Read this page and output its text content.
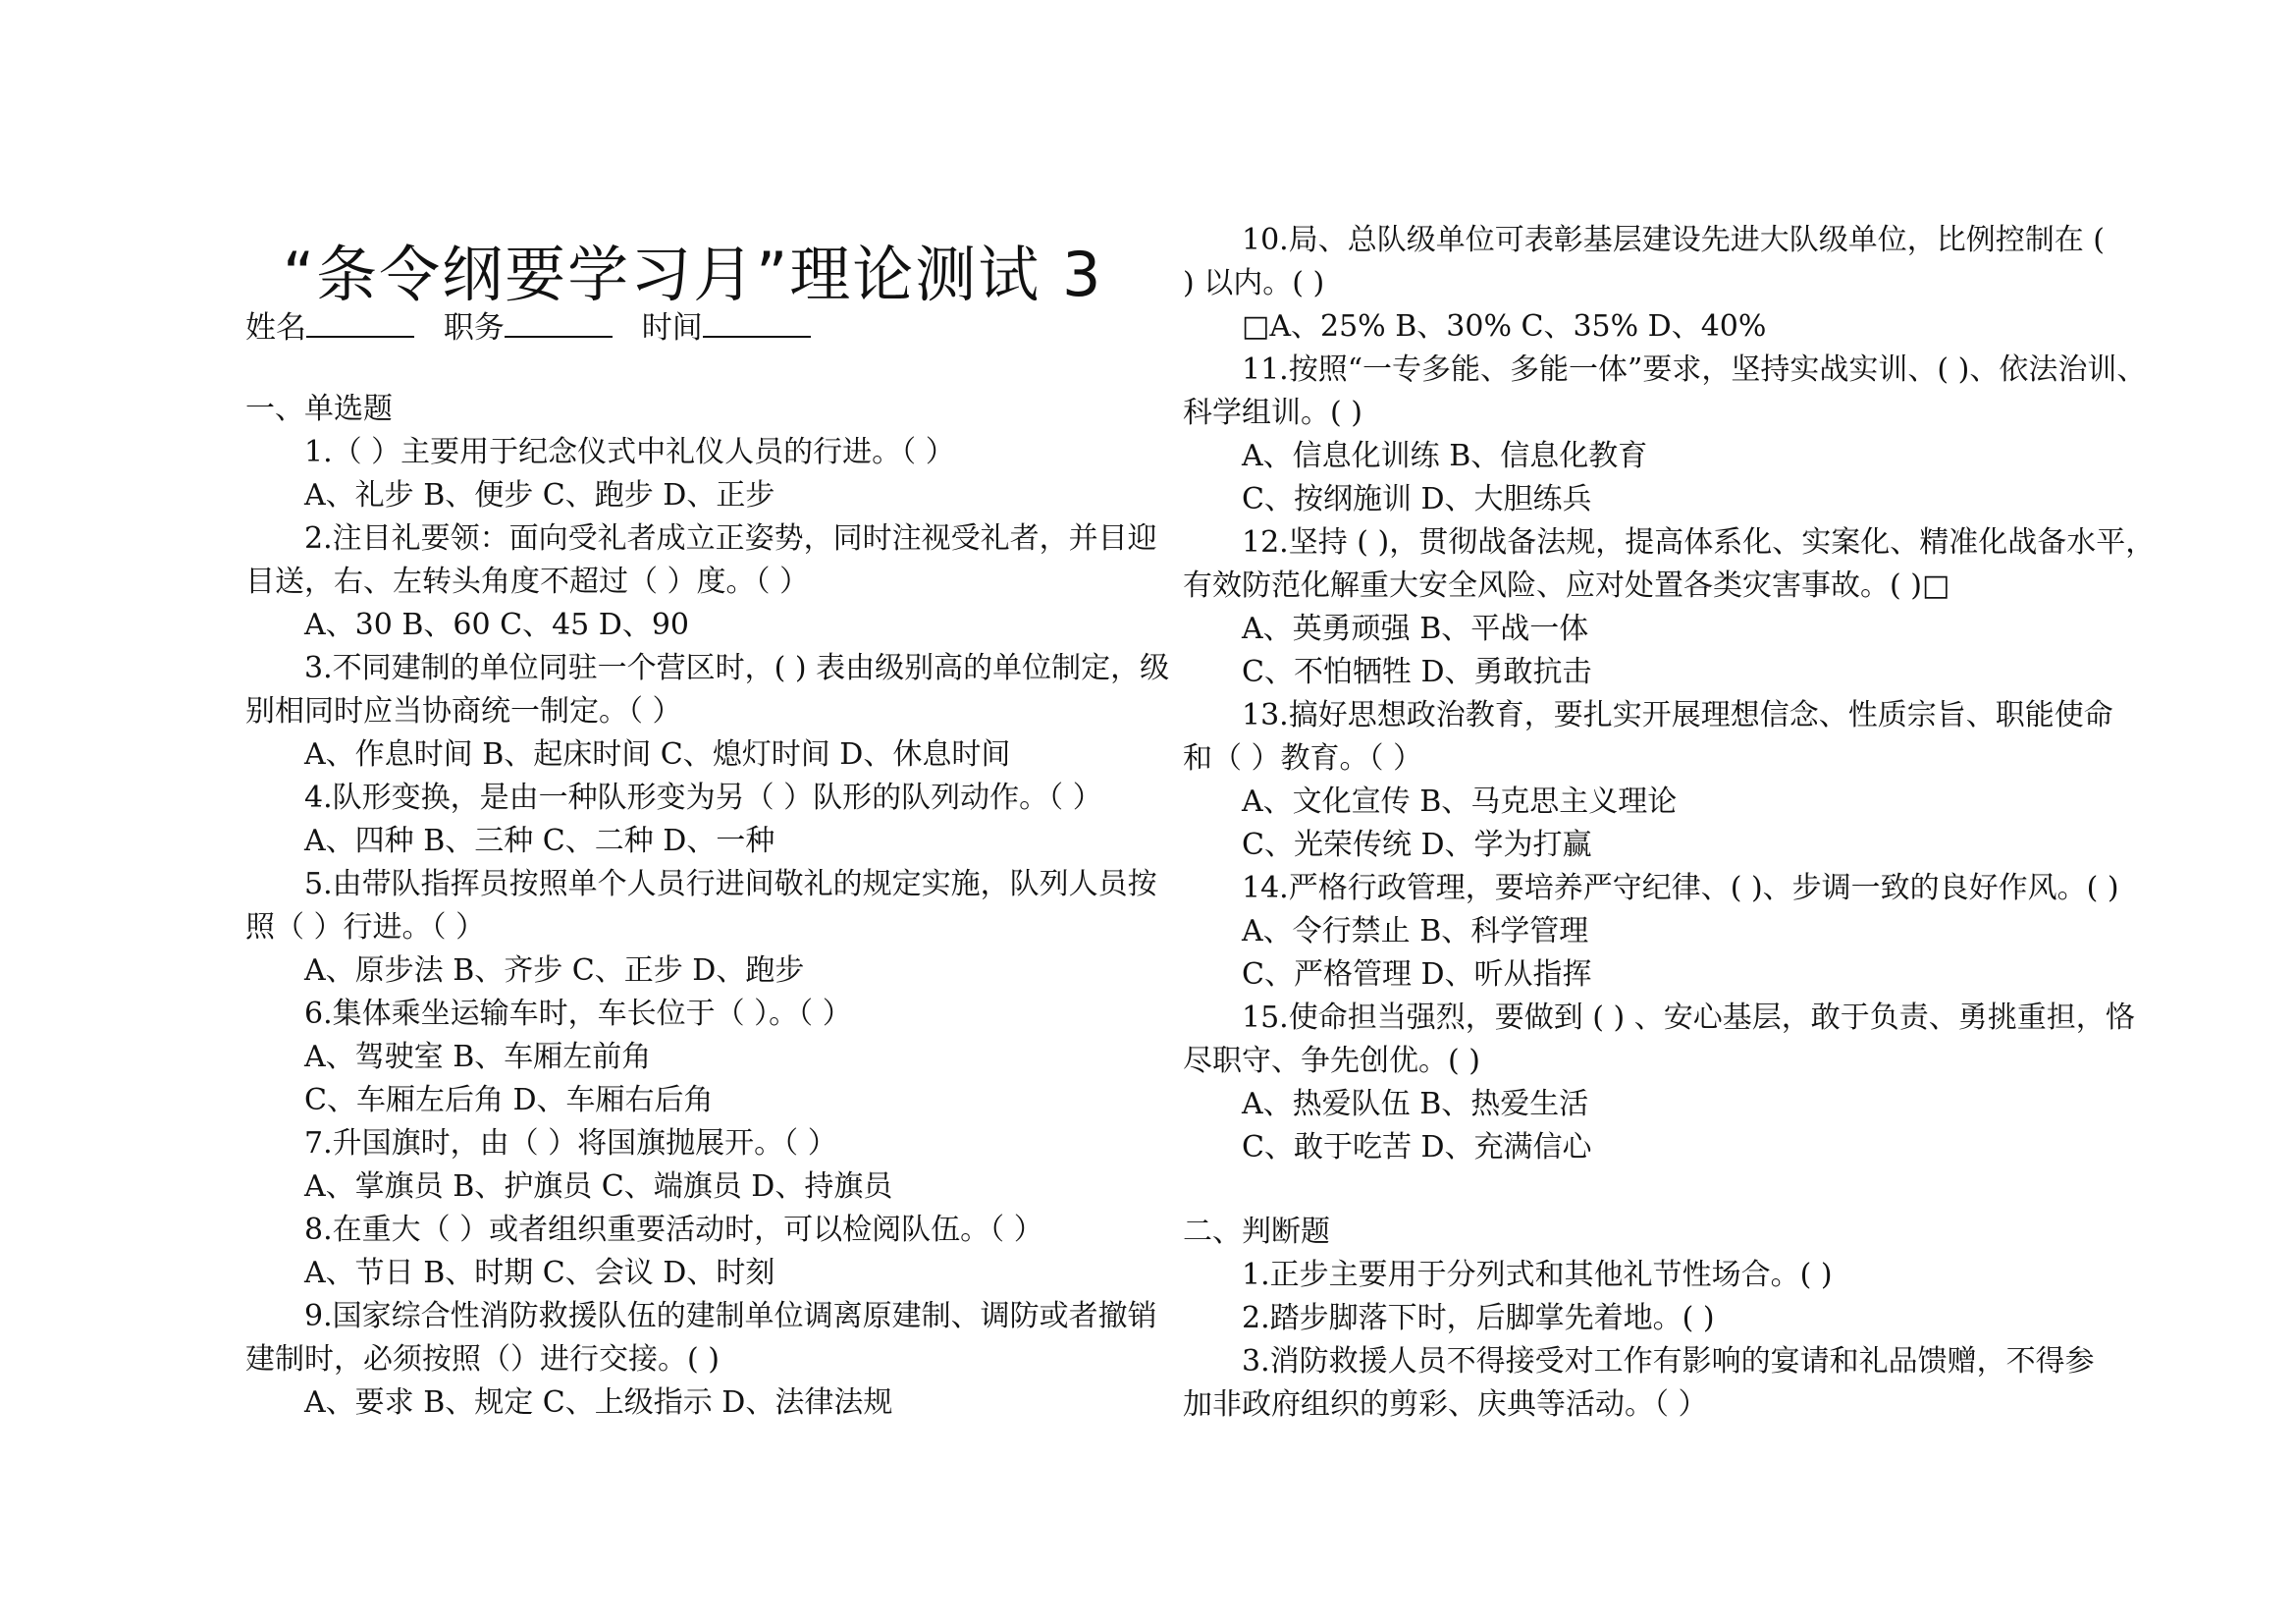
“条令纲要学习月”理论测试 3
姓名	职务	时间
一、单选题
1.（ ）主要用于纪念仪式中礼仪人员的行进。（ ）
A、礼步 B、便步 C、跑步 D、正步
2.注目礼要领：面向受礼者成立正姿势，同时注视受礼者，并目迎
目送，右、左转头角度不超过（ ）度。（ ）
A、30 B、60 C、45 D、90
3.不同建制的单位同驻一个营区时，( ) 表由级别高的单位制定，级
别相同时应当协商统一制定。（ ）
A、作息时间 B、起床时间 C、熄灯时间 D、休息时间
4.队形变换，是由一种队形变为另（ ）队形的队列动作。（ ）
A、四种 B、三种 C、二种 D、一种
5.由带队指挥员按照单个人员行进间敬礼的规定实施，队列人员按
照（ ）行进。（ ）
A、原步法 B、齐步 C、正步 D、跑步
6.集体乘坐运输车时，车长位于（ ）。（ ）
A、驾驶室 B、车厢左前角
C、车厢左后角 D、车厢右后角
7.升国旗时，由（ ）将国旗抛展开。（ ）
A、掌旗员 B、护旗员 C、端旗员 D、持旗员
8.在重大（ ）或者组织重要活动时，可以检阅队伍。（ ）
A、节日 B、时期 C、会议 D、时刻
9.国家综合性消防救援队伍的建制单位调离原建制、调防或者撤销
建制时，必须按照（）进行交接。( )
A、要求 B、规定 C、上级指示 D、法律法规
10.局、总队级单位可表彰基层建设先进大队级单位，比例控制在 (
) 以内。( )
□A、25% B、30% C、35% D、40%
11.按照“一专多能、多能一体”要求，坚持实战实训、( )、依法治训、
科学组训。( )
A、信息化训练 B、信息化教育
C、按纲施训 D、大胆练兵
12.坚持 ( )，贯彻战备法规，提高体系化、实案化、精准化战备水平，
有效防范化解重大安全风险、应对处置各类灾害事故。( )□
A、英勇顽强 B、平战一体
C、不怕牺牲 D、勇敢抗击
13.搞好思想政治教育，要扎实开展理想信念、性质宗旨、职能使命
和（ ）教育。（ ）
A、文化宣传 B、马克思主义理论
C、光荣传统 D、学为打赢
14.严格行政管理，要培养严守纪律、( )、步调一致的良好作风。( )
A、令行禁止 B、科学管理
C、严格管理 D、听从指挥
15.使命担当强烈，要做到 ( ) 、安心基层，敢于负责、勇挑重担，恪
尽职守、争先创优。( )
A、热爱队伍 B、热爱生活
C、敢于吃苦 D、充满信心
二、判断题
1.正步主要用于分列式和其他礼节性场合。( )
2.踏步脚落下时，后脚掌先着地。( )
3.消防救援人员不得接受对工作有影响的宴请和礼品馈赠，不得参
加非政府组织的剪彩、庆典等活动。（ ）
